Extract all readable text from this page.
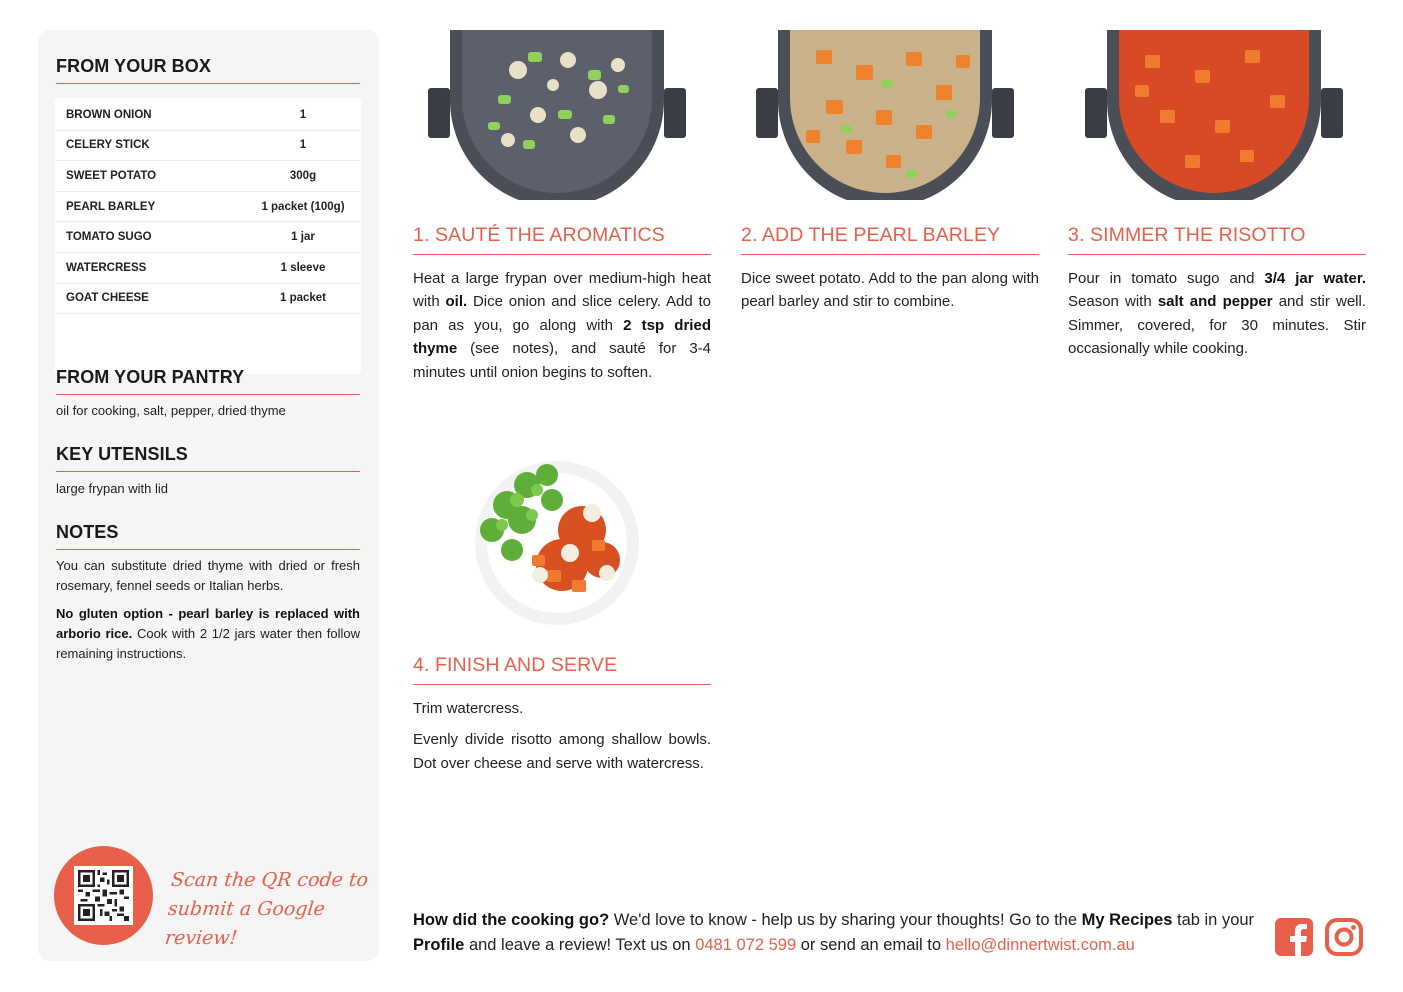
FROM YOUR BOX
BROWN ONION	1
CELERY STICK	1
SWEET POTATO	300g
PEARL BARLEY	1 packet (100g)
TOMATO SUGO	1 jar
WATERCRESS	1 sleeve
GOAT CHEESE	1 packet
FROM YOUR PANTRY
oil for cooking, salt, pepper, dried thyme
KEY UTENSILS
large frypan with lid
NOTES
You can substitute dried thyme with dried or fresh rosemary, fennel seeds or Italian herbs.
No gluten option - pearl barley is replaced with arborio rice. Cook with 2 1/2 jars water then follow remaining instructions.
Scan the QR code to
submit a Google review!
1. SAUTÉ THE AROMATICS
Heat a large frypan over medium-high heat with oil. Dice onion and slice celery. Add to pan as you, go along with 2 tsp dried thyme (see notes), and sauté for 3-4 minutes until onion begins to soften.
2. ADD THE PEARL BARLEY
Dice sweet potato. Add to the pan along with pearl barley and stir to combine.
3. SIMMER THE RISOTTO
Pour in tomato sugo and 3/4 jar water. Season with salt and pepper and stir well. Simmer, covered, for 30 minutes. Stir occasionally while cooking.
4. FINISH AND SERVE

Trim watercress.

Evenly divide risotto among shallow bowls. Dot over cheese and serve with watercress.

How did the cooking go? We'd love to know - help us by sharing your thoughts! Go to the My Recipes tab in your Profile and leave a review! Text us on 0481 072 599 or send an email to hello@dinnertwist.com.au
